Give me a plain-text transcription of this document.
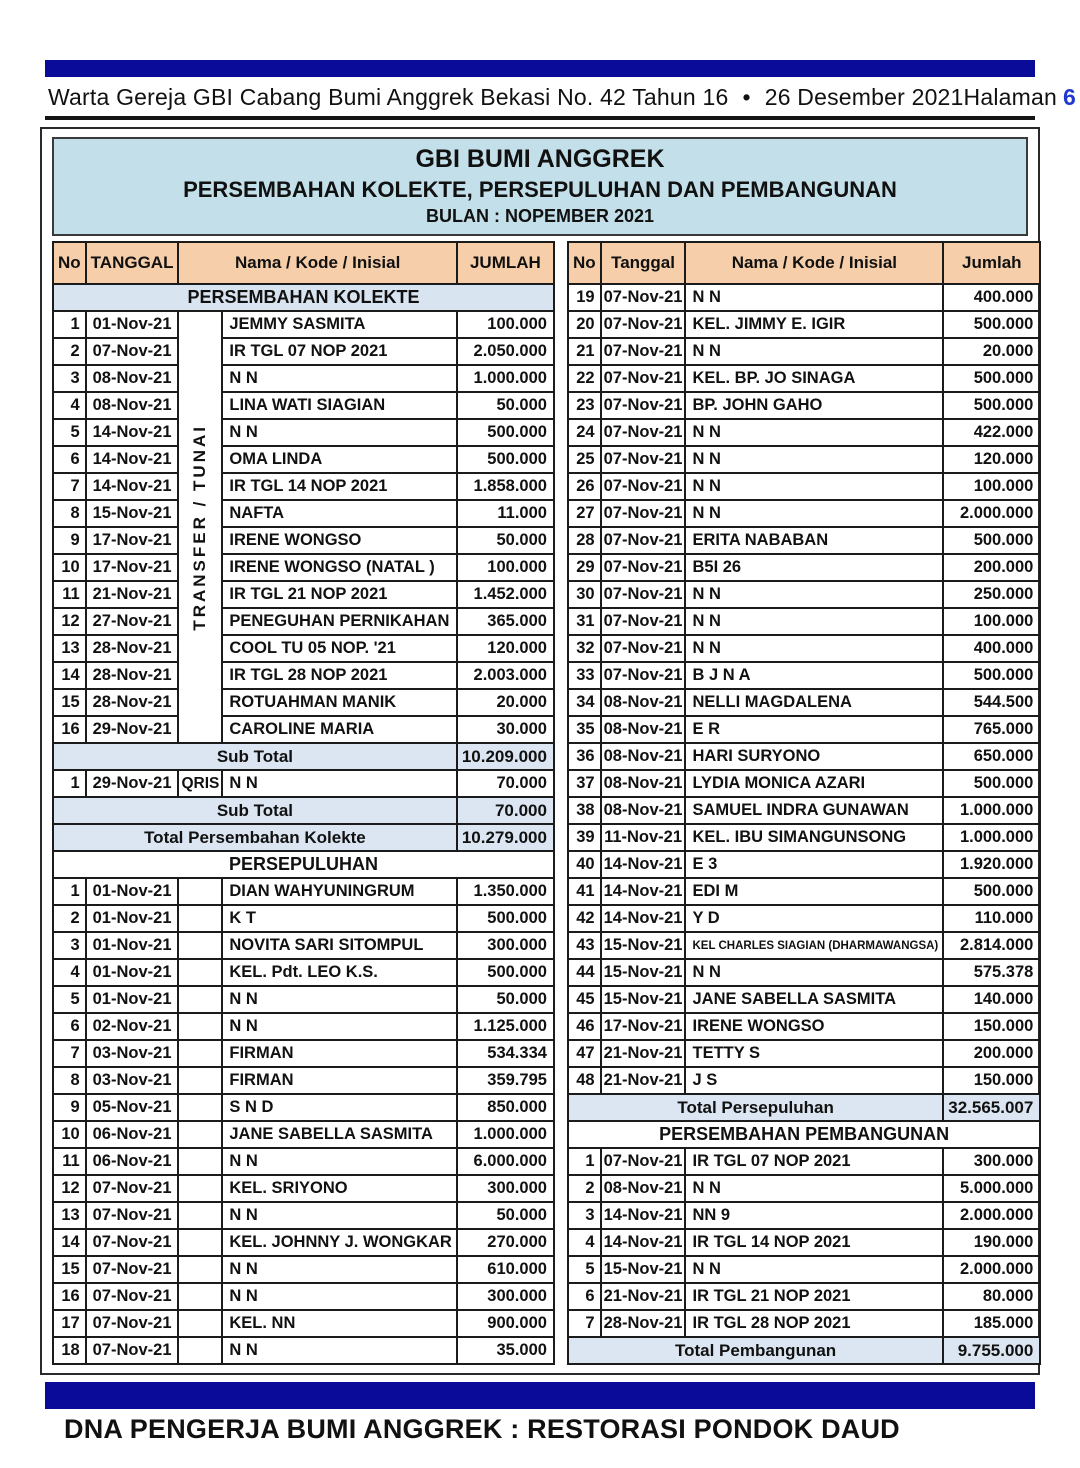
Warta Gereja GBI Cabang Bumi Anggrek Bekasi No. 42 Tahun 16 • 26 Desember 2021 Halaman 6
GBI BUMI ANGGREK
PERSEMBAHAN KOLEKTE, PERSEPULUHAN DAN PEMBANGUNAN
BULAN : NOPEMBER 2021
No	TANGGAL	Nama / Kode / Inisial		JUMLAH
PERSEMBAHAN KOLEKTE				
1	01-Nov-21	TRANSFER / TUNAI	JEMMY SASMITA	100.000
2	07-Nov-21		IR TGL 07 NOP 2021	2.050.000
3	08-Nov-21		N N	1.000.000
4	08-Nov-21		LINA WATI SIAGIAN	50.000
5	14-Nov-21		N N	500.000
6	14-Nov-21		OMA LINDA	500.000
7	14-Nov-21		IR TGL 14 NOP 2021	1.858.000
8	15-Nov-21		NAFTA	11.000
9	17-Nov-21		IRENE WONGSO	50.000
10	17-Nov-21		IRENE WONGSO (NATAL )	100.000
11	21-Nov-21		IR TGL 21 NOP 2021	1.452.000
12	27-Nov-21		PENEGUHAN PERNIKAHAN	365.000
13	28-Nov-21		COOL TU 05 NOP. '21	120.000
14	28-Nov-21		IR TGL 28 NOP 2021	2.003.000
15	28-Nov-21		ROTUAHMAN MANIK	20.000
16	29-Nov-21		CAROLINE MARIA	30.000
Sub Total				10.209.000
1	29-Nov-21	QRIS	N N	70.000
Sub Total				70.000
Total Persembahan Kolekte				10.279.000
PERSEPULUHAN				
1	01-Nov-21		DIAN WAHYUNINGRUM	1.350.000
2	01-Nov-21		K T	500.000
3	01-Nov-21		NOVITA SARI SITOMPUL	300.000
4	01-Nov-21		KEL. Pdt. LEO K.S.	500.000
5	01-Nov-21		N N	50.000
6	02-Nov-21		N N	1.125.000
7	03-Nov-21		FIRMAN	534.334
8	03-Nov-21		FIRMAN	359.795
9	05-Nov-21		S N D	850.000
10	06-Nov-21		JANE SABELLA SASMITA	1.000.000
11	06-Nov-21		N N	6.000.000
12	07-Nov-21		KEL. SRIYONO	300.000
13	07-Nov-21		N N	50.000
14	07-Nov-21		KEL. JOHNNY J. WONGKAR	270.000
15	07-Nov-21		N N	610.000
16	07-Nov-21		N N	300.000
17	07-Nov-21		KEL. NN	900.000
18	07-Nov-21		N N	35.000
No	Tanggal	Nama / Kode / Inisial	Jumlah
19	07-Nov-21	N N	400.000
20	07-Nov-21	KEL. JIMMY E. IGIR	500.000
21	07-Nov-21	N N	20.000
22	07-Nov-21	KEL. BP. JO SINAGA	500.000
23	07-Nov-21	BP. JOHN GAHO	500.000
24	07-Nov-21	N N	422.000
25	07-Nov-21	N N	120.000
26	07-Nov-21	N N	100.000
27	07-Nov-21	N N	2.000.000
28	07-Nov-21	ERITA NABABAN	500.000
29	07-Nov-21	B5I 26	200.000
30	07-Nov-21	N N	250.000
31	07-Nov-21	N N	100.000
32	07-Nov-21	N N	400.000
33	07-Nov-21	B J N A	500.000
34	08-Nov-21	NELLI MAGDALENA	544.500
35	08-Nov-21	E R	765.000
36	08-Nov-21	HARI SURYONO	650.000
37	08-Nov-21	LYDIA MONICA AZARI	500.000
38	08-Nov-21	SAMUEL INDRA GUNAWAN	1.000.000
39	11-Nov-21	KEL. IBU SIMANGUNSONG	1.000.000
40	14-Nov-21	E 3	1.920.000
41	14-Nov-21	EDI M	500.000
42	14-Nov-21	Y D	110.000
43	15-Nov-21	KEL CHARLES SIAGIAN (DHARMAWANGSA)	2.814.000
44	15-Nov-21	N N	575.378
45	15-Nov-21	JANE SABELLA SASMITA	140.000
46	17-Nov-21	IRENE WONGSO	150.000
47	21-Nov-21	TETTY S	200.000
48	21-Nov-21	J S	150.000
Total Persepuluhan			32.565.007
PERSEMBAHAN PEMBANGUNAN			
1	07-Nov-21	IR TGL 07 NOP 2021	300.000
2	08-Nov-21	N N	5.000.000
3	14-Nov-21	NN 9	2.000.000
4	14-Nov-21	IR TGL 14 NOP 2021	190.000
5	15-Nov-21	N N	2.000.000
6	21-Nov-21	IR TGL 21 NOP 2021	80.000
7	28-Nov-21	IR TGL 28 NOP 2021	185.000
Total Pembangunan			9.755.000
DNA PENGERJA BUMI ANGGREK : RESTORASI PONDOK DAUD
